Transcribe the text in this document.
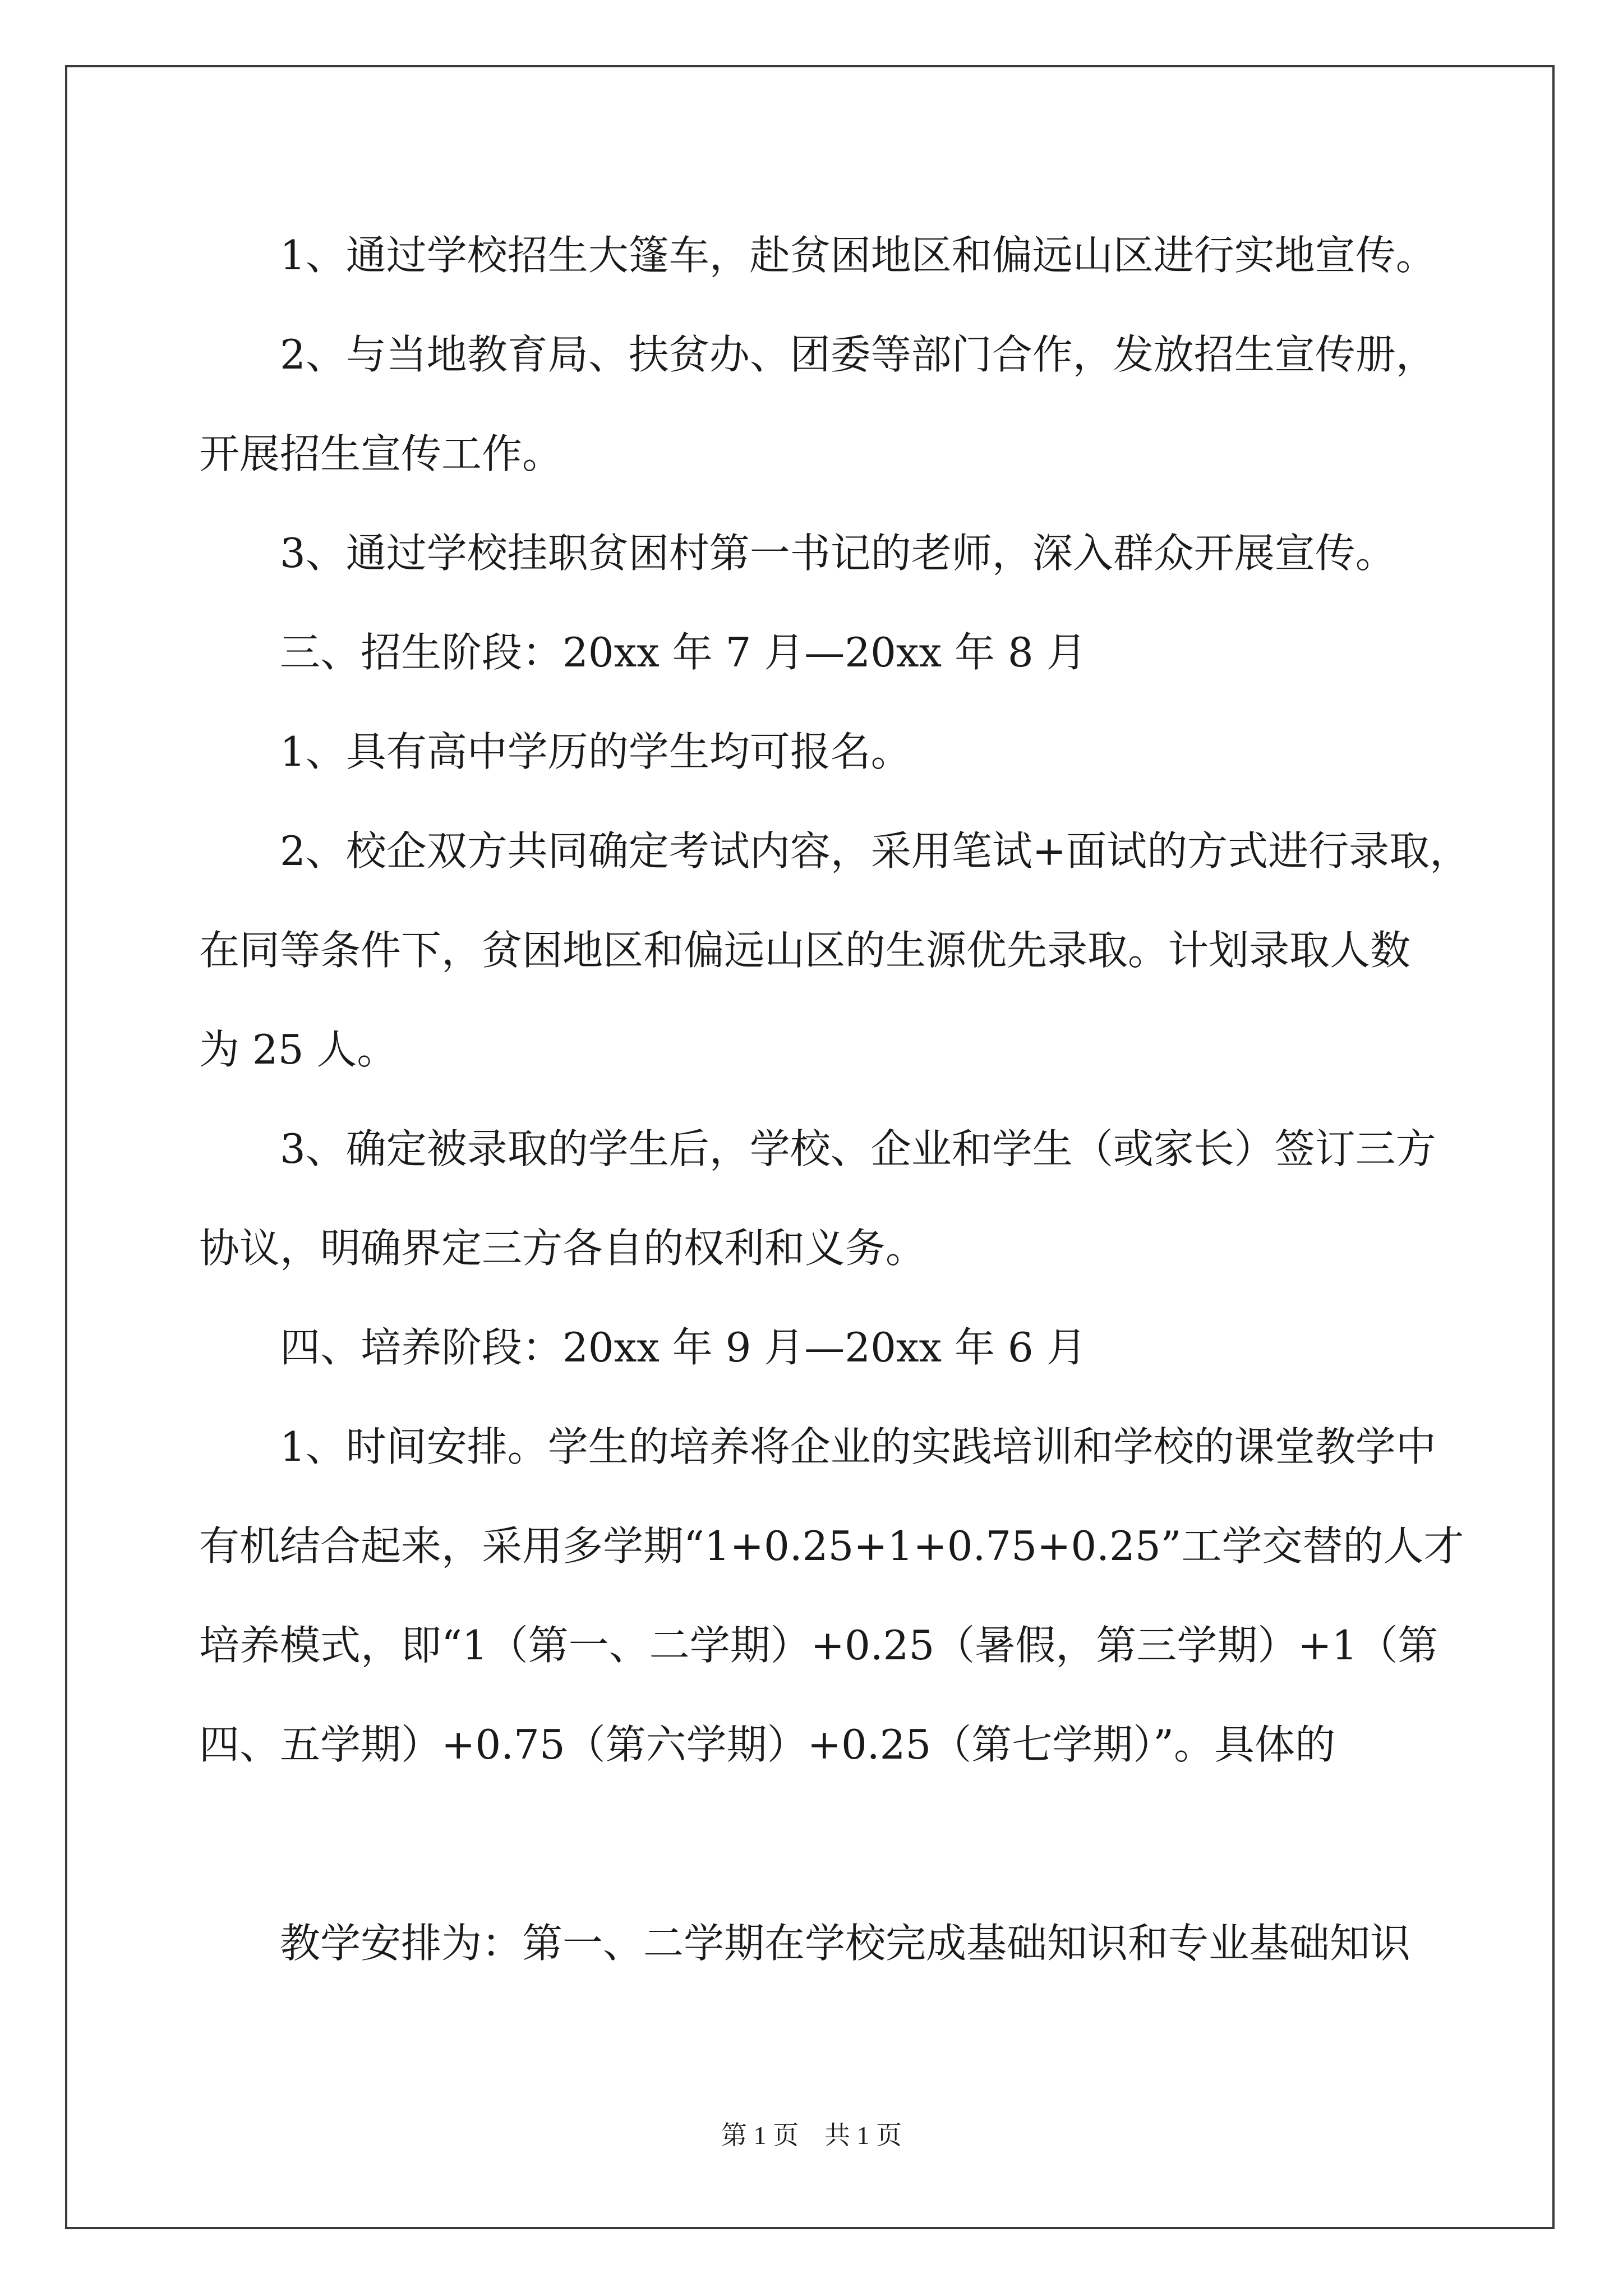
1、通过学校招生大篷车，赴贫困地区和偏远山区进行实地宣传。
2、与当地教育局、扶贫办、团委等部门合作，发放招生宣传册，
开展招生宣传工作。
3、通过学校挂职贫困村第一书记的老师，深入群众开展宣传。
三、招生阶段：20xx 年 7 月—20xx 年 8 月
1、具有高中学历的学生均可报名。
2、校企双方共同确定考试内容，采用笔试+面试的方式进行录取，
在同等条件下，贫困地区和偏远山区的生源优先录取。计划录取人数
为 25 人。
3、确定被录取的学生后，学校、企业和学生（或家长）签订三方
协议，明确界定三方各自的权利和义务。
四、培养阶段：20xx 年 9 月—20xx 年 6 月
1、时间安排。学生的培养将企业的实践培训和学校的课堂教学中
有机结合起来，采用多学期“1+0.25+1+0.75+0.25”工学交替的人才
培养模式，即“1（第一、二学期）+0.25（暑假，第三学期）+1（第
四、五学期）+0.75（第六学期）+0.25（第七学期）”。具体的
教学安排为：第一、二学期在学校完成基础知识和专业基础知识
第 1 页    共 1 页
